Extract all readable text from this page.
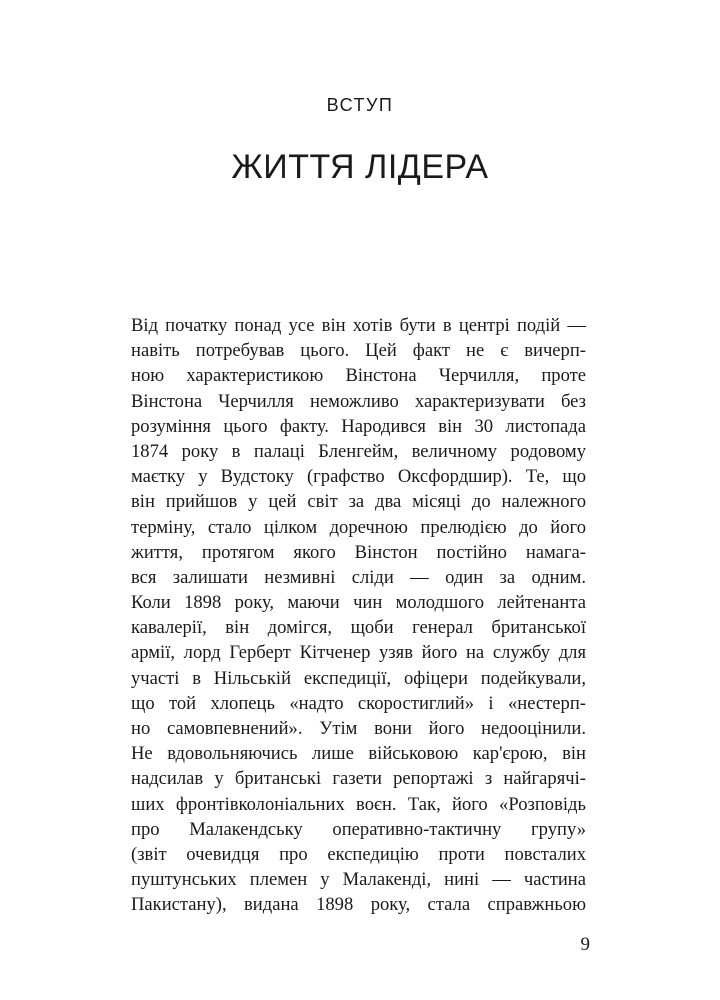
ВСТУП
ЖИТТЯ ЛІДЕРА
Від початку понад усе він хотів бути в центрі подій —
навіть потребував цього. Цей факт не є вичерп-
ною характеристикою Вінстона Черчилля, проте
Вінстона Черчилля неможливо характеризувати без
розуміння цього факту. Народився він 30 листопада
1874 року в палаці Бленгейм, величному родовому
маєтку у Вудстоку (графство Оксфордшир). Те, що
він прийшов у цей світ за два місяці до належного
терміну, стало цілком доречною прелюдією до його
життя, протягом якого Вінстон постійно намага-
вся залишати незмивні сліди — один за одним.
Коли 1898 року, маючи чин молодшого лейтенанта
кавалерії, він домігся, щоби генерал британської
армії, лорд Герберт Кітченер узяв його на службу для
участі в Нільській експедиції, офіцери подейкували,
що той хлопець «надто скоростиглий» і «нестерп-
но самовпевнений». Утім вони його недооцінили.
Не вдовольняючись лише військовою кар'єрою, він
надсилав у британські газети репортажі з найгарячі-
ших фронтівколоніальних воєн. Так, його «Розповідь
про Малакендську оперативно-тактичну групу»
(звіт очевидця про експедицію проти повсталих
пуштунських племен у Малакенді, нині — частина
Пакистану), видана 1898 року, стала справжньою
9
